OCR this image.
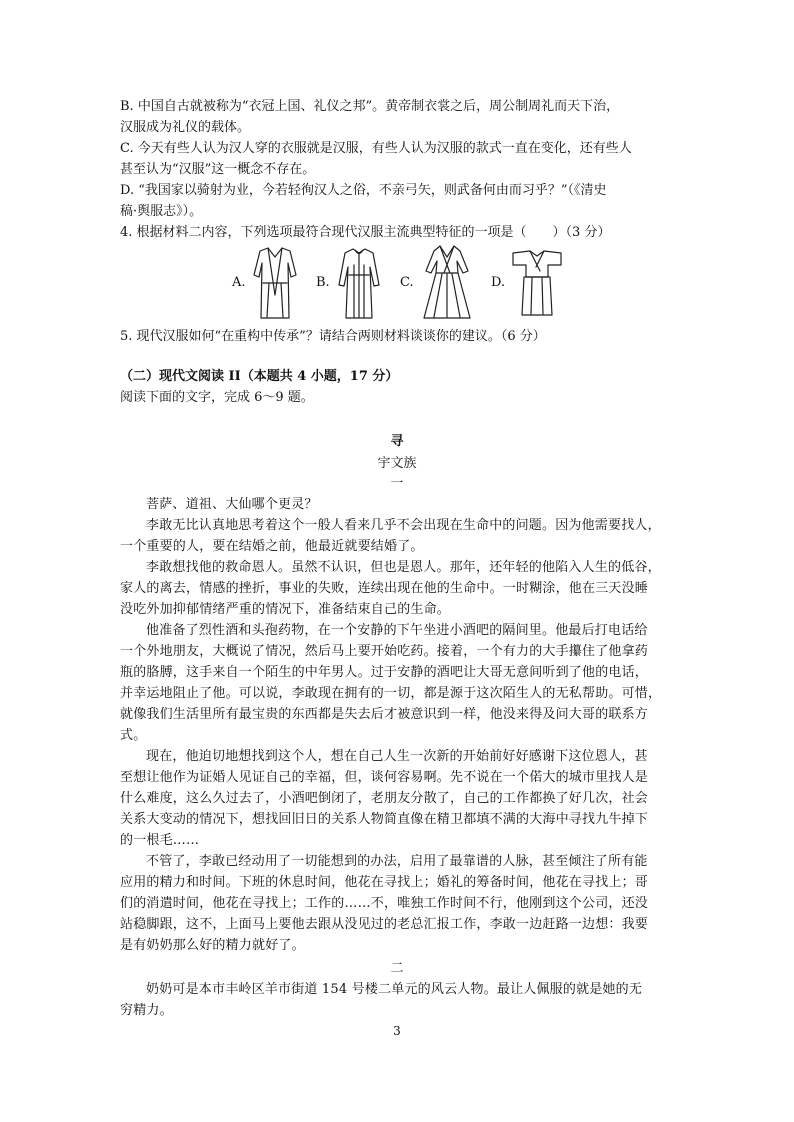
B. 中国自古就被称为“衣冠上国、礼仪之邦”。黄帝制衣裳之后，周公制周礼而天下治，
汉服成为礼仪的载体。
C. 今天有些人认为汉人穿的衣服就是汉服，有些人认为汉服的款式一直在变化，还有些人
甚至认为“汉服”这一概念不存在。
D. “我国家以骑射为业，今若轻徇汉人之俗，不亲弓矢，则武备何由而习乎？”（《清史
稿·舆服志》）。
4. 根据材料二内容，下列选项最符合现代汉服主流典型特征的一项是（　　）（3 分）
A.	B.	C.	D.
5. 现代汉服如何“在重构中传承”？请结合两则材料谈谈你的建议。（6 分）
（二）现代文阅读 II（本题共 4 小题，17 分）
阅读下面的文字，完成 6～9 题。
寻
宇文族
一
菩萨、道祖、大仙哪个更灵？
李敢无比认真地思考着这个一般人看来几乎不会出现在生命中的问题。因为他需要找人，
一个重要的人，要在结婚之前，他最近就要结婚了。
李敢想找他的救命恩人。虽然不认识，但也是恩人。那年，还年轻的他陷入人生的低谷，
家人的离去，情感的挫折，事业的失败，连续出现在他的生命中。一时糊涂，他在三天没睡
没吃外加抑郁情绪严重的情况下，准备结束自己的生命。
他准备了烈性酒和头孢药物，在一个安静的下午坐进小酒吧的隔间里。他最后打电话给
一个外地朋友，大概说了情况，然后马上要开始吃药。接着，一个有力的大手攥住了他拿药
瓶的胳膊，这手来自一个陌生的中年男人。过于安静的酒吧让大哥无意间听到了他的电话，
并幸运地阻止了他。可以说，李敢现在拥有的一切，都是源于这次陌生人的无私帮助。可惜，
就像我们生活里所有最宝贵的东西都是失去后才被意识到一样，他没来得及问大哥的联系方
式。
现在，他迫切地想找到这个人，想在自己人生一次新的开始前好好感谢下这位恩人，甚
至想让他作为证婚人见证自己的幸福，但，谈何容易啊。先不说在一个偌大的城市里找人是
什么难度，这么久过去了，小酒吧倒闭了，老朋友分散了，自己的工作都换了好几次，社会
关系大变动的情况下，想找回旧日的关系人物简直像在精卫都填不满的大海中寻找九牛掉下
的一根毛……
不管了，李敢已经动用了一切能想到的办法，启用了最靠谱的人脉，甚至倾注了所有能
应用的精力和时间。下班的休息时间，他花在寻找上；婚礼的筹备时间，他花在寻找上；哥
们的消遣时间，他花在寻找上；工作的……不，唯独工作时间不行，他刚到这个公司，还没
站稳脚跟，这不，上面马上要他去跟从没见过的老总汇报工作，李敢一边赶路一边想：我要
是有奶奶那么好的精力就好了。
二
奶奶可是本市丰岭区羊市街道 154 号楼二单元的风云人物。最让人佩服的就是她的无
穷精力。
3
